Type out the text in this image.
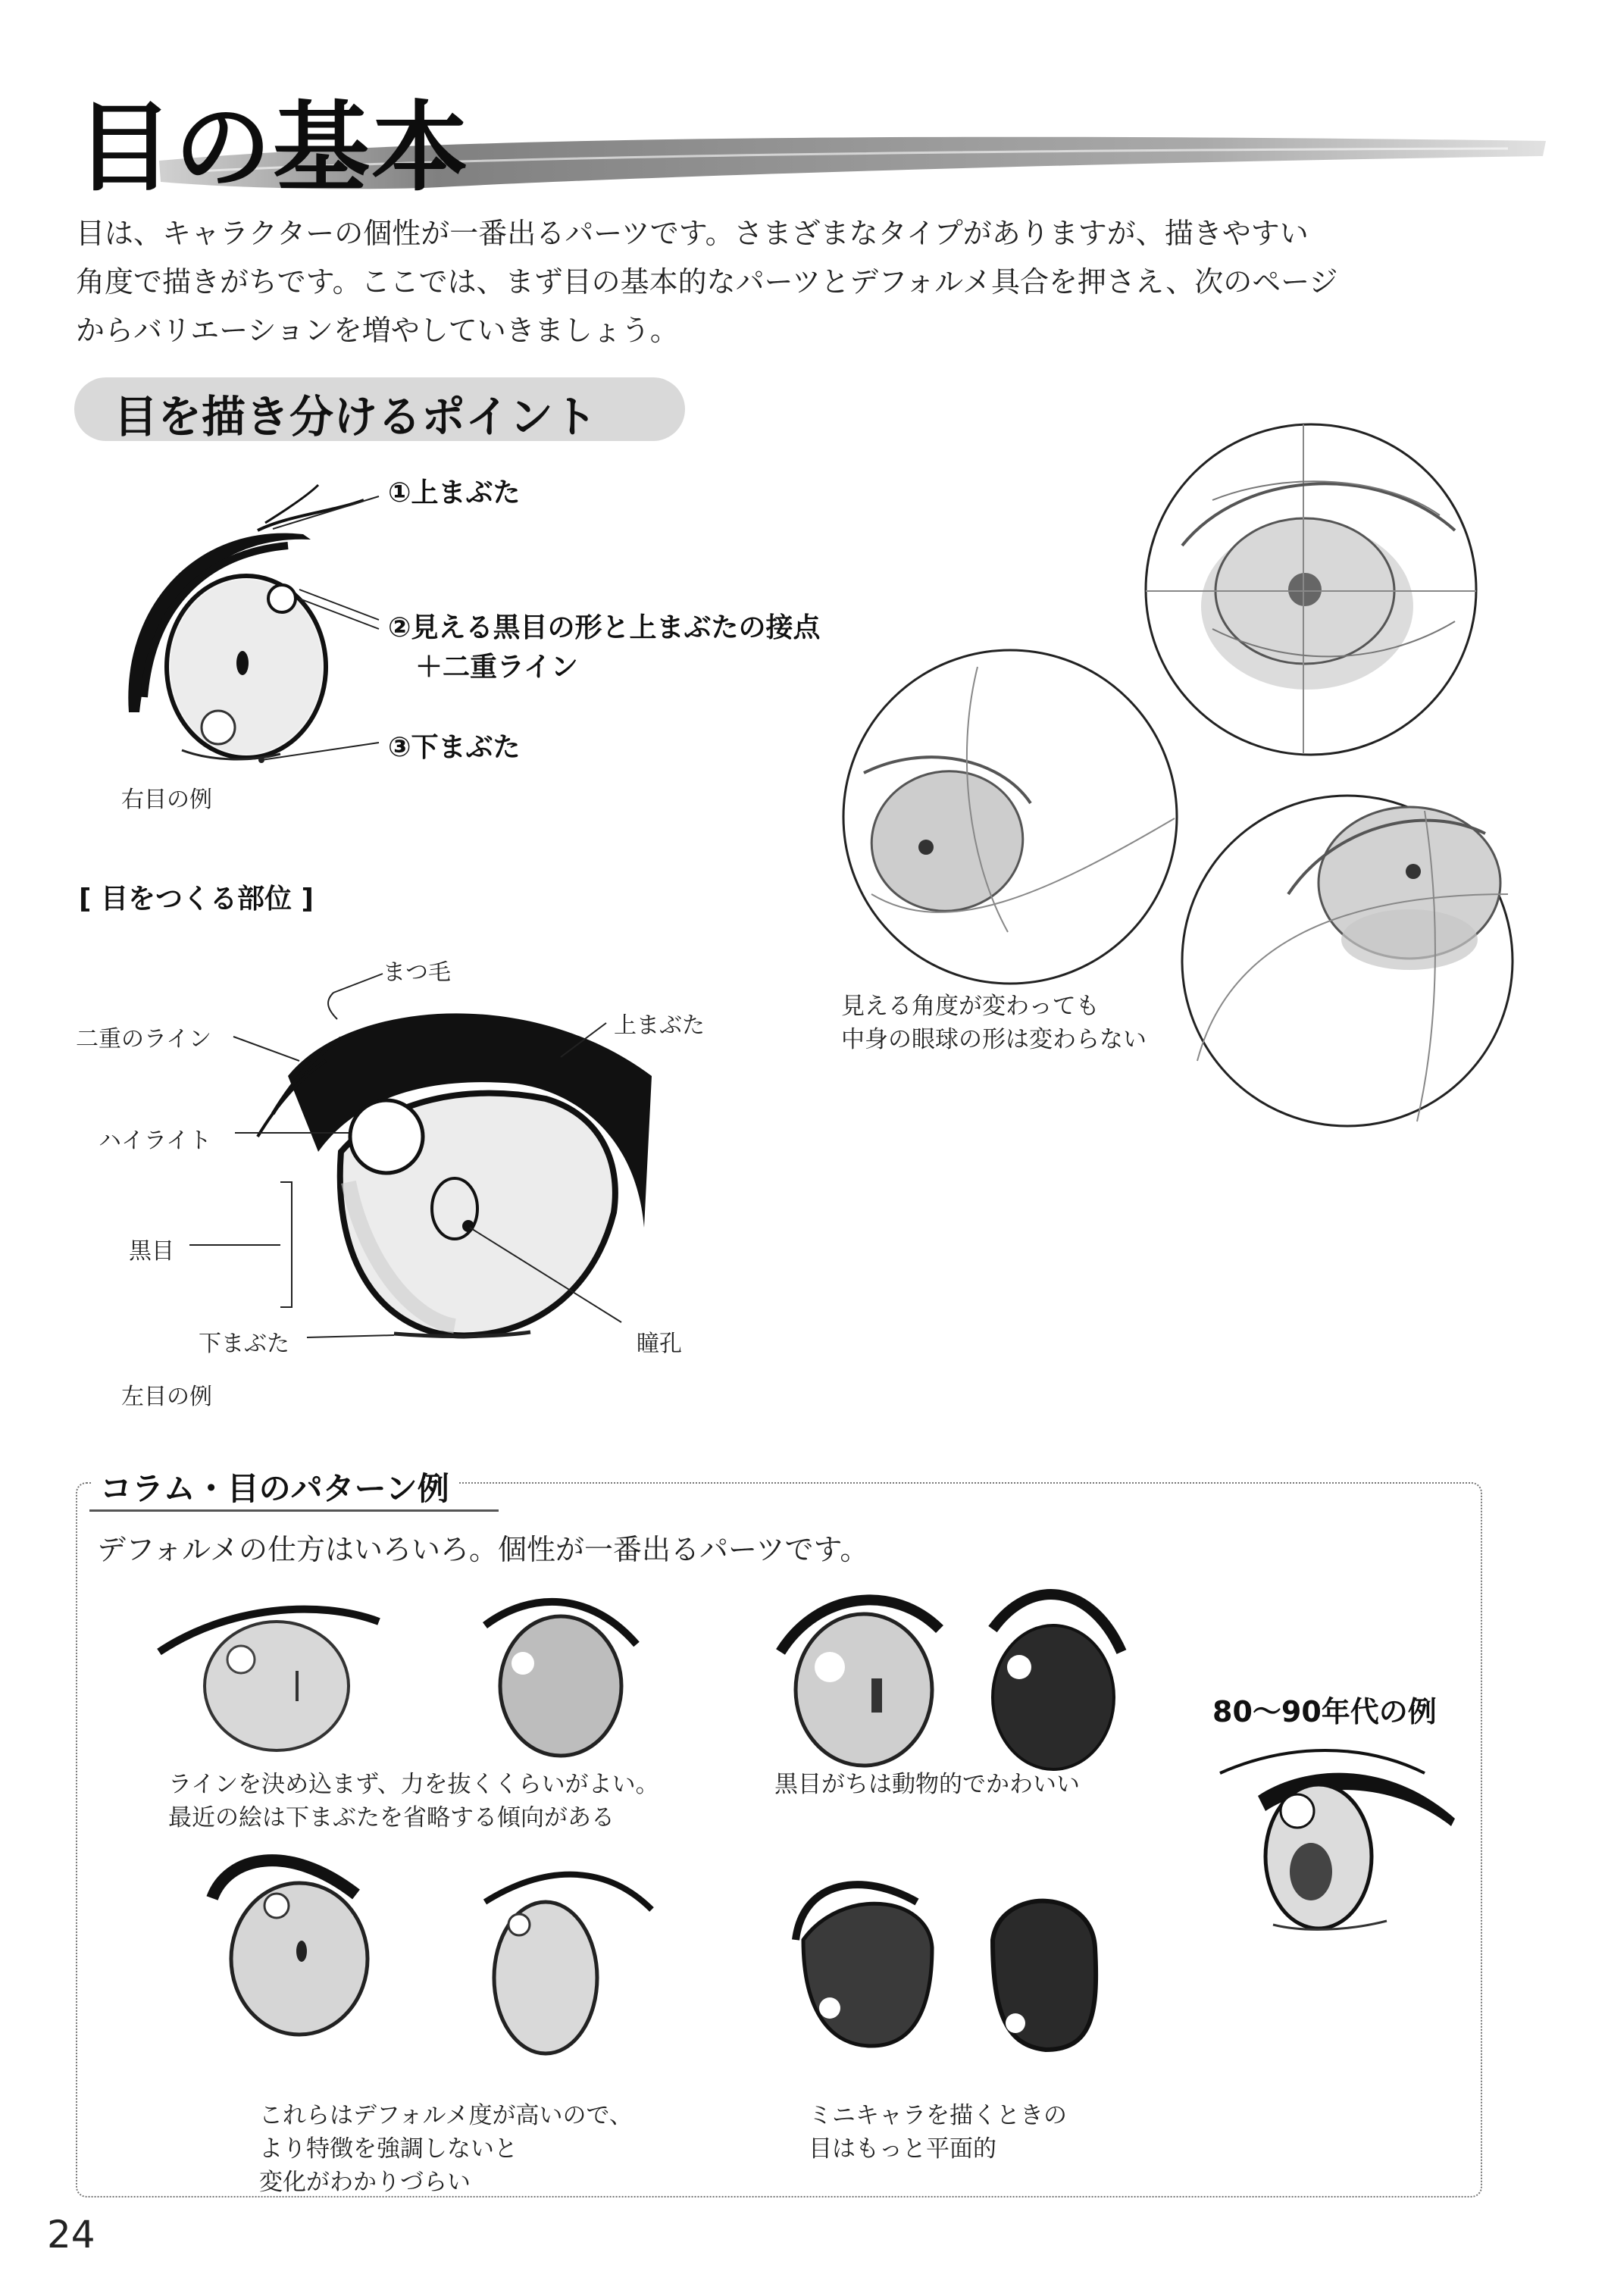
目の基本
目は、キャラクターの個性が一番出るパーツです。さまざまなタイプがありますが、描きやすい
角度で描きがちです。ここでは、まず目の基本的なパーツとデフォルメ具合を押さえ、次のページ
からバリエーションを増やしていきましょう。
目を描き分けるポイント
①上まぶた
②見える黒目の形と上まぶたの接点
＋二重ライン
③下まぶた
右目の例
見える角度が変わっても
中身の眼球の形は変わらない
[ 目をつくる部位 ]
まつ毛
二重のライン
上まぶた
ハイライト
黒目
下まぶた	瞳孔
左目の例
コラム・目のパターン例
デフォルメの仕方はいろいろ。個性が一番出るパーツです。
ラインを決め込まず、力を抜くくらいがよい。
最近の絵は下まぶたを省略する傾向がある
黒目がちは動物的でかわいい
これらはデフォルメ度が高いので、
より特徴を強調しないと
変化がわかりづらい
ミニキャラを描くときの
目はもっと平面的
80～90年代の例
24
